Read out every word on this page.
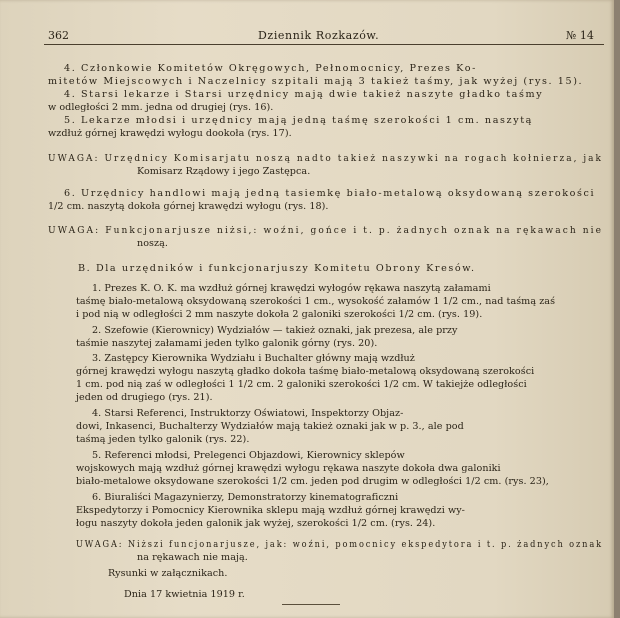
362	Dziennik Rozkazów.	№ 14
4. Członkowie Komitetów Okręgowych, Pełnomocnicy, Prezes Ko-
mitetów Miejscowych i Naczelnicy szpitali mają 3 takież taśmy, jak wyżej (rys. 15).
4. Starsi lekarze i Starsi urzędnicy mają dwie takież naszyte gładko taśmy
w odległości 2 mm. jedna od drugiej (rys. 16).
5. Lekarze młodsi i urzędnicy mają jedną taśmę szerokości 1 cm. naszytą
wzdłuż górnej krawędzi wyłogu dookoła (rys. 17).
UWAGA: Urzędnicy Komisarjatu noszą nadto takież naszywki na rogach kołnierza, jak
Komisarz Rządowy i jego Zastępca.
6. Urzędnicy handlowi mają jedną tasiemkę biało-metalową oksydowaną szerokości
1/2 cm. naszytą dokoła górnej krawędzi wyłogu (rys. 18).
UWAGA: Funkcjonarjusze niżsi,: woźni, gońce i t. p. żadnych oznak na rękawach nie
noszą.
B. Dla urzędników i funkcjonarjuszy Komitetu Obrony Kresów.
1. Prezes K. O. K. ma wzdłuż górnej krawędzi wyłogów rękawa naszytą załamami
taśmę biało-metalową oksydowaną szerokości 1 cm., wysokość załamów 1 1/2 cm., nad taśmą zaś
i pod nią w odległości 2 mm naszyte dokoła 2 galoniki szerokości 1/2 cm. (rys. 19).
2. Szefowie (Kierownicy) Wydziałów — takież oznaki, jak prezesa, ale przy
taśmie naszytej załamami jeden tylko galonik górny (rys. 20).
3. Zastępcy Kierownika Wydziału i Buchalter główny mają wzdłuż
górnej krawędzi wyłogu naszytą gładko dokoła taśmę biało-metalową oksydowaną szerokości
1 cm. pod nią zaś w odległości 1 1/2 cm. 2 galoniki szerokości 1/2 cm. W takiejże odległości
jeden od drugiego (rys. 21).
4. Starsi Referenci, Instruktorzy Oświatowi, Inspektorzy Objaz-
dowi, Inkasenci, Buchalterzy Wydziałów mają takież oznaki jak w p. 3., ale pod
taśmą jeden tylko galonik (rys. 22).
5. Referenci młodsi, Prelegenci Objazdowi, Kierownicy sklepów
wojskowych mają wzdłuż górnej krawędzi wyłogu rękawa naszyte dokoła dwa galoniki
biało-metalowe oksydowane szerokości 1/2 cm. jeden pod drugim w odległości 1/2 cm. (rys. 23),
6. Biuraliści Magazynierzy, Demonstratorzy kinematograficzni
Ekspedytorzy i Pomocnicy Kierownika sklepu mają wzdłuż górnej krawędzi wy-
łogu naszyty dokoła jeden galonik jak wyżej, szerokości 1/2 cm. (rys. 24).
UWAGA: Niższi funcjonarjusze, jak: woźni, pomocnicy ekspedytora i t. p. żadnych oznak
na rękawach nie mają.
Rysunki w załącznikach.
Dnia 17 kwietnia 1919 r.
